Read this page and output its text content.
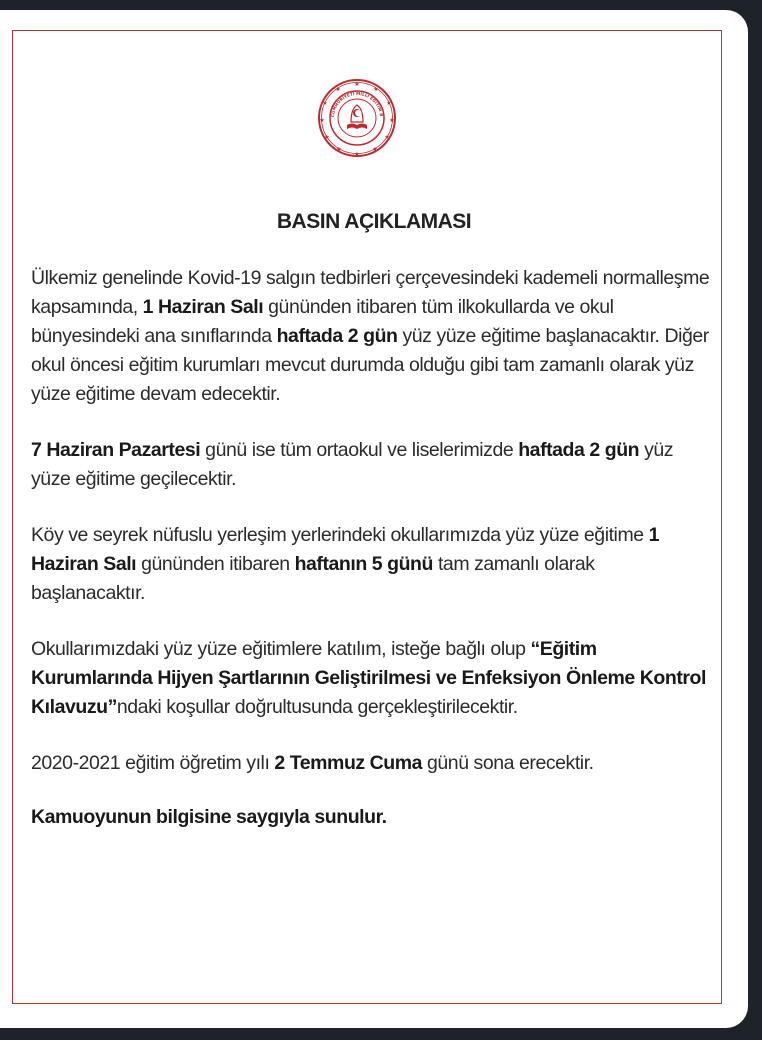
★
★
★
★
★
★
★
★
★
★
★
★
CUMHURİYETİ MİLLİ EĞİTİM B
BASIN AÇIKLAMASI

Ülkemiz genelinde Kovid-19 salgın tedbirleri çerçevesindeki kademeli normalleşme kapsamında, 1 Haziran Salı gününden itibaren tüm ilkokullarda ve okul bünyesindeki ana sınıflarında haftada 2 gün yüz yüze eğitime başlanacaktır. Diğer okul öncesi eğitim kurumları mevcut durumda olduğu gibi tam zamanlı olarak yüz yüze eğitime devam edecektir.

7 Haziran Pazartesi günü ise tüm ortaokul ve liselerimizde haftada 2 gün yüz yüze eğitime geçilecektir.

Köy ve seyrek nüfuslu yerleşim yerlerindeki okullarımızda yüz yüze eğitime 1 Haziran Salı gününden itibaren haftanın 5 günü tam zamanlı olarak başlanacaktır.

Okullarımızdaki yüz yüze eğitimlere katılım, isteğe bağlı olup “Eğitim Kurumlarında Hijyen Şartlarının Geliştirilmesi ve Enfeksiyon Önleme Kontrol Kılavuzu”ndaki koşullar doğrultusunda gerçekleştirilecektir.

2020-2021 eğitim öğretim yılı 2 Temmuz Cuma günü sona erecektir.

Kamuoyunun bilgisine saygıyla sunulur.
